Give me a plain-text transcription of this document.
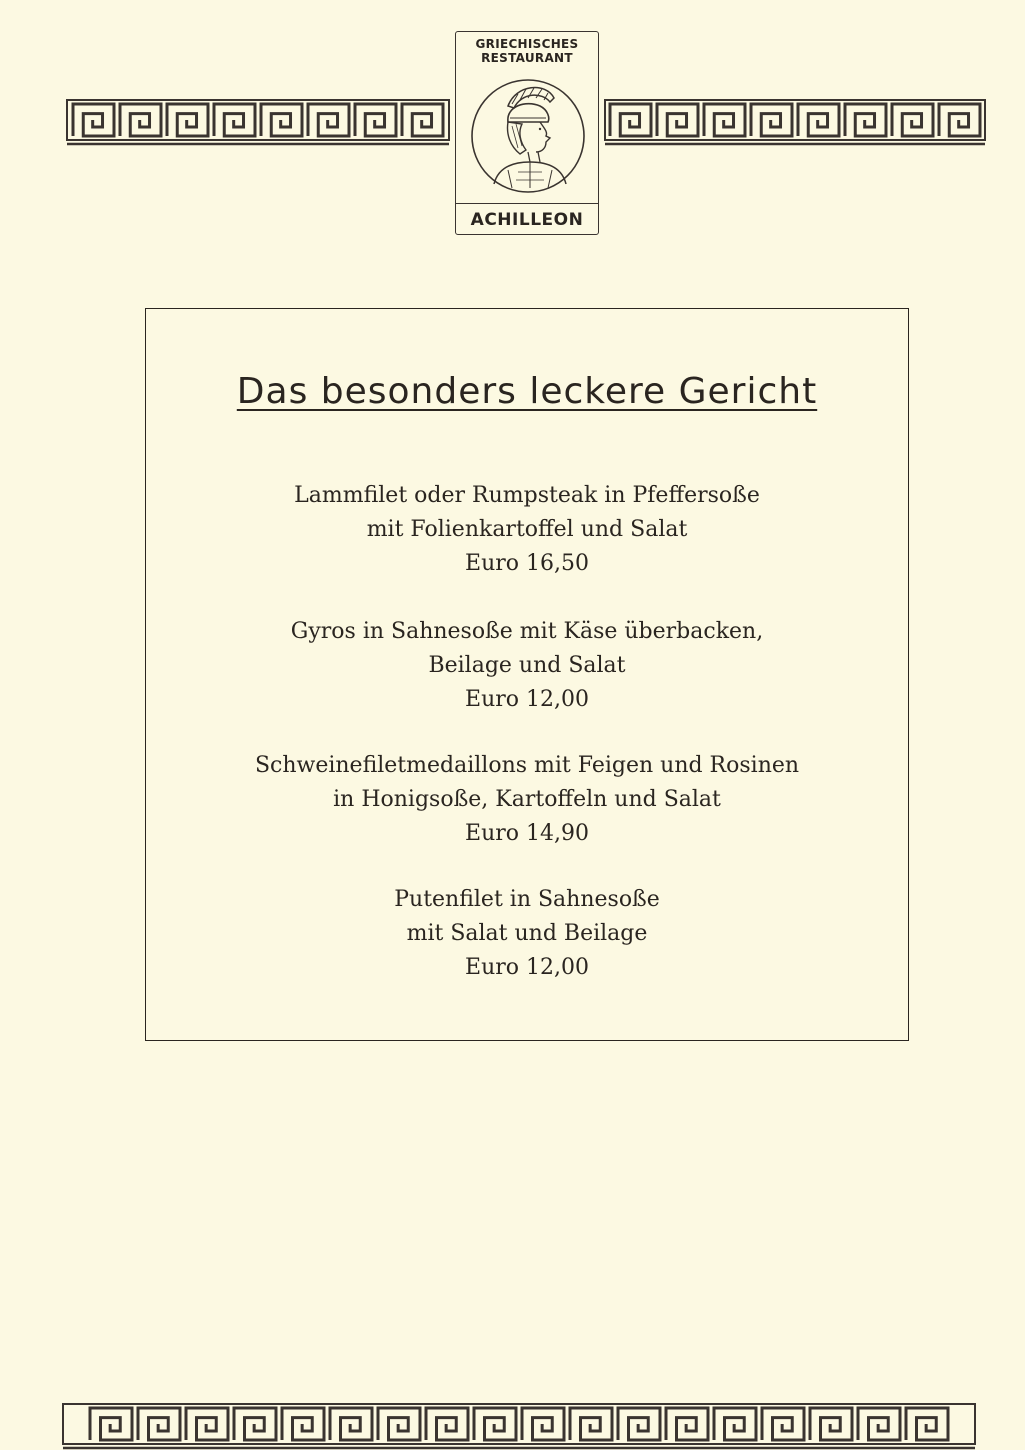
GRIECHISCHES
RESTAURANT
ACHILLEON
Das besonders leckere Gericht
Lammfilet oder Rumpsteak in Pfeffersoße
mit Folienkartoffel und Salat
Euro 16,50
Gyros in Sahnesoße mit Käse überbacken,
Beilage und Salat
Euro 12,00
Schweinefiletmedaillons mit Feigen und Rosinen
in Honigsoße, Kartoffeln und Salat
Euro 14,90
Putenfilet in Sahnesoße
mit Salat und Beilage
Euro 12,00
